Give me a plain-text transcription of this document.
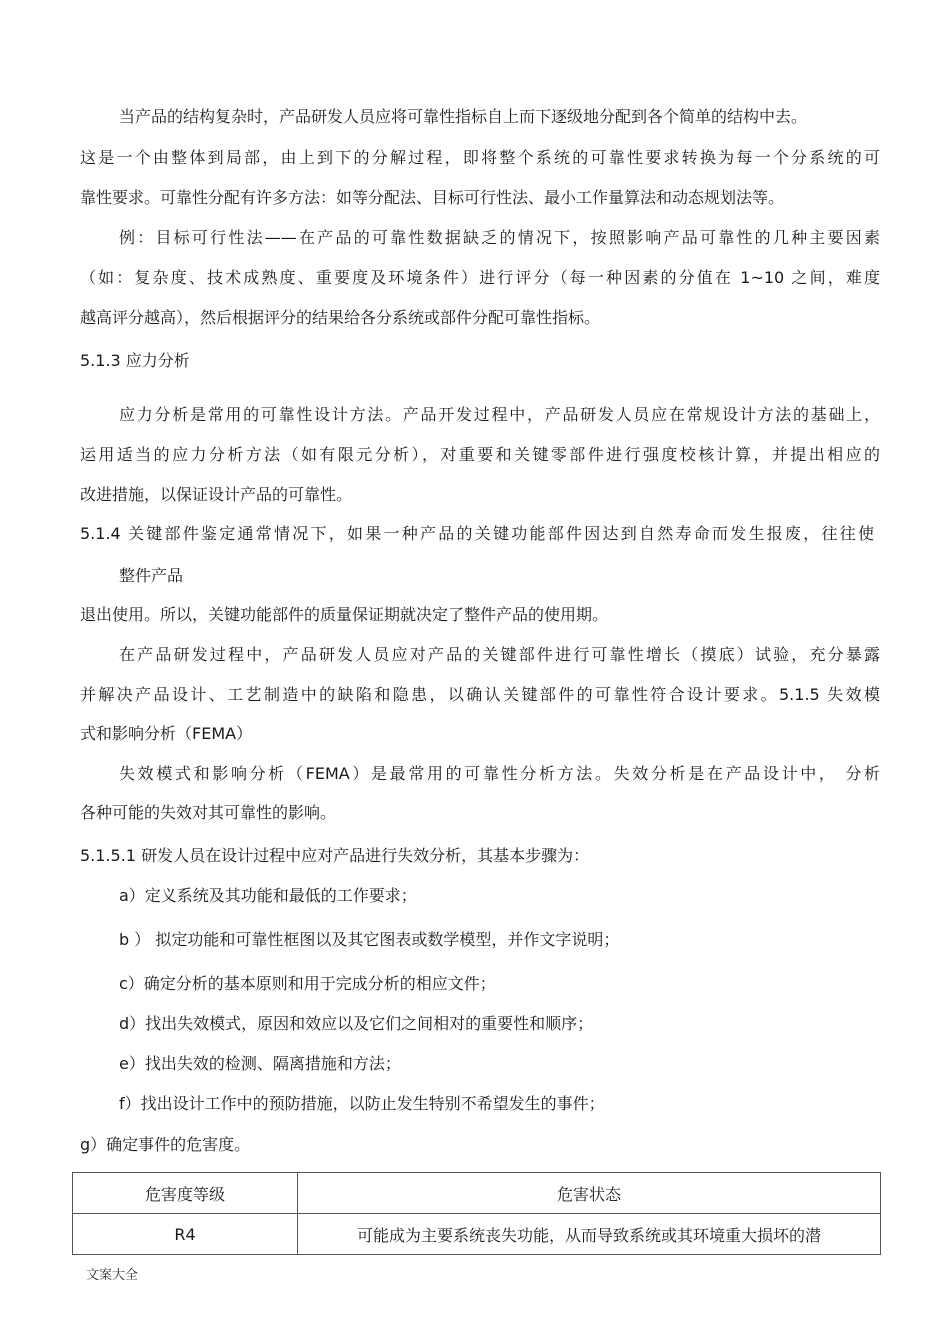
当产品的结构复杂时，产品研发人员应将可靠性指标自上而下逐级地分配到各个简单的结构中去。
这是一个由整体到局部，由上到下的分解过程，即将整个系统的可靠性要求转换为每一个分系统的可
靠性要求。可靠性分配有许多方法：如等分配法、目标可行性法、最小工作量算法和动态规划法等。
例：目标可行性法——在产品的可靠性数据缺乏的情况下，按照影响产品可靠性的几种主要因素
（如：复杂度、技术成熟度、重要度及环境条件）进行评分（每一种因素的分值在 1~10 之间，难度
越高评分越高），然后根据评分的结果给各分系统或部件分配可靠性指标。
5.1.3 应力分析
应力分析是常用的可靠性设计方法。产品开发过程中，产品研发人员应在常规设计方法的基础上，
运用适当的应力分析方法（如有限元分析），对重要和关键零部件进行强度校核计算，并提出相应的
改进措施，以保证设计产品的可靠性。
5.1.4 关键部件鉴定通常情况下，如果一种产品的关键功能部件因达到自然寿命而发生报废，往往使
整件产品
退出使用。所以，关键功能部件的质量保证期就决定了整件产品的使用期。
在产品研发过程中，产品研发人员应对产品的关键部件进行可靠性增长（摸底）试验，充分暴露
并解决产品设计、工艺制造中的缺陷和隐患，以确认关键部件的可靠性符合设计要求。5.1.5 失效模
式和影响分析（FEMA）
失效模式和影响分析（FEMA）是最常用的可靠性分析方法。失效分析是在产品设计中， 分析
各种可能的失效对其可靠性的影响。
5.1.5.1 研发人员在设计过程中应对产品进行失效分析，其基本步骤为：
a）定义系统及其功能和最低的工作要求；
b ） 拟定功能和可靠性框图以及其它图表或数学模型，并作文字说明；
c）确定分析的基本原则和用于完成分析的相应文件；
d）找出失效模式，原因和效应以及它们之间相对的重要性和顺序；
e）找出失效的检测、隔离措施和方法；
f）找出设计工作中的预防措施，以防止发生特别不希望发生的事件；
g）确定事件的危害度。
危害度等级	危害状态
R4	可能成为主要系统丧失功能，从而导致系统或其环境重大损坏的潜
文案大全
